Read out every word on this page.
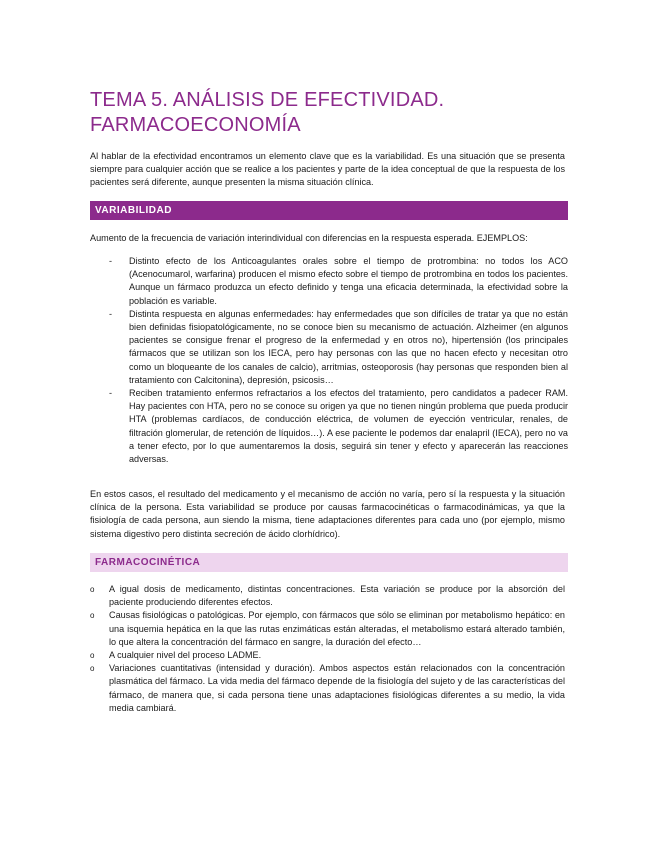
TEMA 5. ANÁLISIS DE EFECTIVIDAD.
FARMACOECONOMÍA

Al hablar de la efectividad encontramos un elemento clave que es la variabilidad. Es una situación que se presenta siempre para cualquier acción que se realice a los pacientes y parte de la idea conceptual de que la respuesta de los pacientes será diferente, aunque presenten la misma situación clínica.

VARIABILIDAD

Aumento de la frecuencia de variación interindividual con diferencias en la respuesta esperada. EJEMPLOS:

- Distinto efecto de los Anticoagulantes orales sobre el tiempo de protrombina: no todos los ACO (Acenocumarol, warfarina) producen el mismo efecto sobre el tiempo de protrombina en todos los pacientes. Aunque un fármaco produzca un efecto definido y tenga una eficacia determinada, la efectividad sobre la población es variable.
- Distinta respuesta en algunas enfermedades: hay enfermedades que son difíciles de tratar ya que no están bien definidas fisiopatológicamente, no se conoce bien su mecanismo de actuación. Alzheimer (en algunos pacientes se consigue frenar el progreso de la enfermedad y en otros no), hipertensión (los principales fármacos que se utilizan son los IECA, pero hay personas con las que no hacen efecto y necesitan otro como un bloqueante de los canales de calcio), arritmias, osteoporosis (hay personas que responden bien al tratamiento con Calcitonina), depresión, psicosis…
- Reciben tratamiento enfermos refractarios a los efectos del tratamiento, pero candidatos a padecer RAM. Hay pacientes con HTA, pero no se conoce su origen ya que no tienen ningún problema que pueda producir HTA (problemas cardíacos, de conducción eléctrica, de volumen de eyección ventricular, renales, de filtración glomerular, de retención de líquidos…). A ese paciente le podemos dar enalapril (IECA), pero no va a tener efecto, por lo que aumentaremos la dosis, seguirá sin tener y efecto y aparecerán las reacciones adversas.

En estos casos, el resultado del medicamento y el mecanismo de acción no varía, pero sí la respuesta y la situación clínica de la persona. Esta variabilidad se produce por causas farmacocinéticas o farmacodinámicas, ya que la fisiología de cada persona, aun siendo la misma, tiene adaptaciones diferentes para cada uno (por ejemplo, mismo sistema digestivo pero distinta secreción de ácido clorhídrico).

FARMACOCINÉTICA
o A igual dosis de medicamento, distintas concentraciones. Esta variación se produce por la absorción del paciente produciendo diferentes efectos.
o Causas fisiológicas o patológicas. Por ejemplo, con fármacos que sólo se eliminan por metabolismo hepático: en una isquemia hepática en la que las rutas enzimáticas están alteradas, el metabolismo estará alterado también, lo que altera la concentración del fármaco en sangre, la duración del efecto…
o A cualquier nivel del proceso LADME.
o Variaciones cuantitativas (intensidad y duración). Ambos aspectos están relacionados con la concentración plasmática del fármaco. La vida media del fármaco depende de la fisiología del sujeto y de las características del fármaco, de manera que, si cada persona tiene unas adaptaciones fisiológicas diferentes a su medio, la vida media cambiará.
